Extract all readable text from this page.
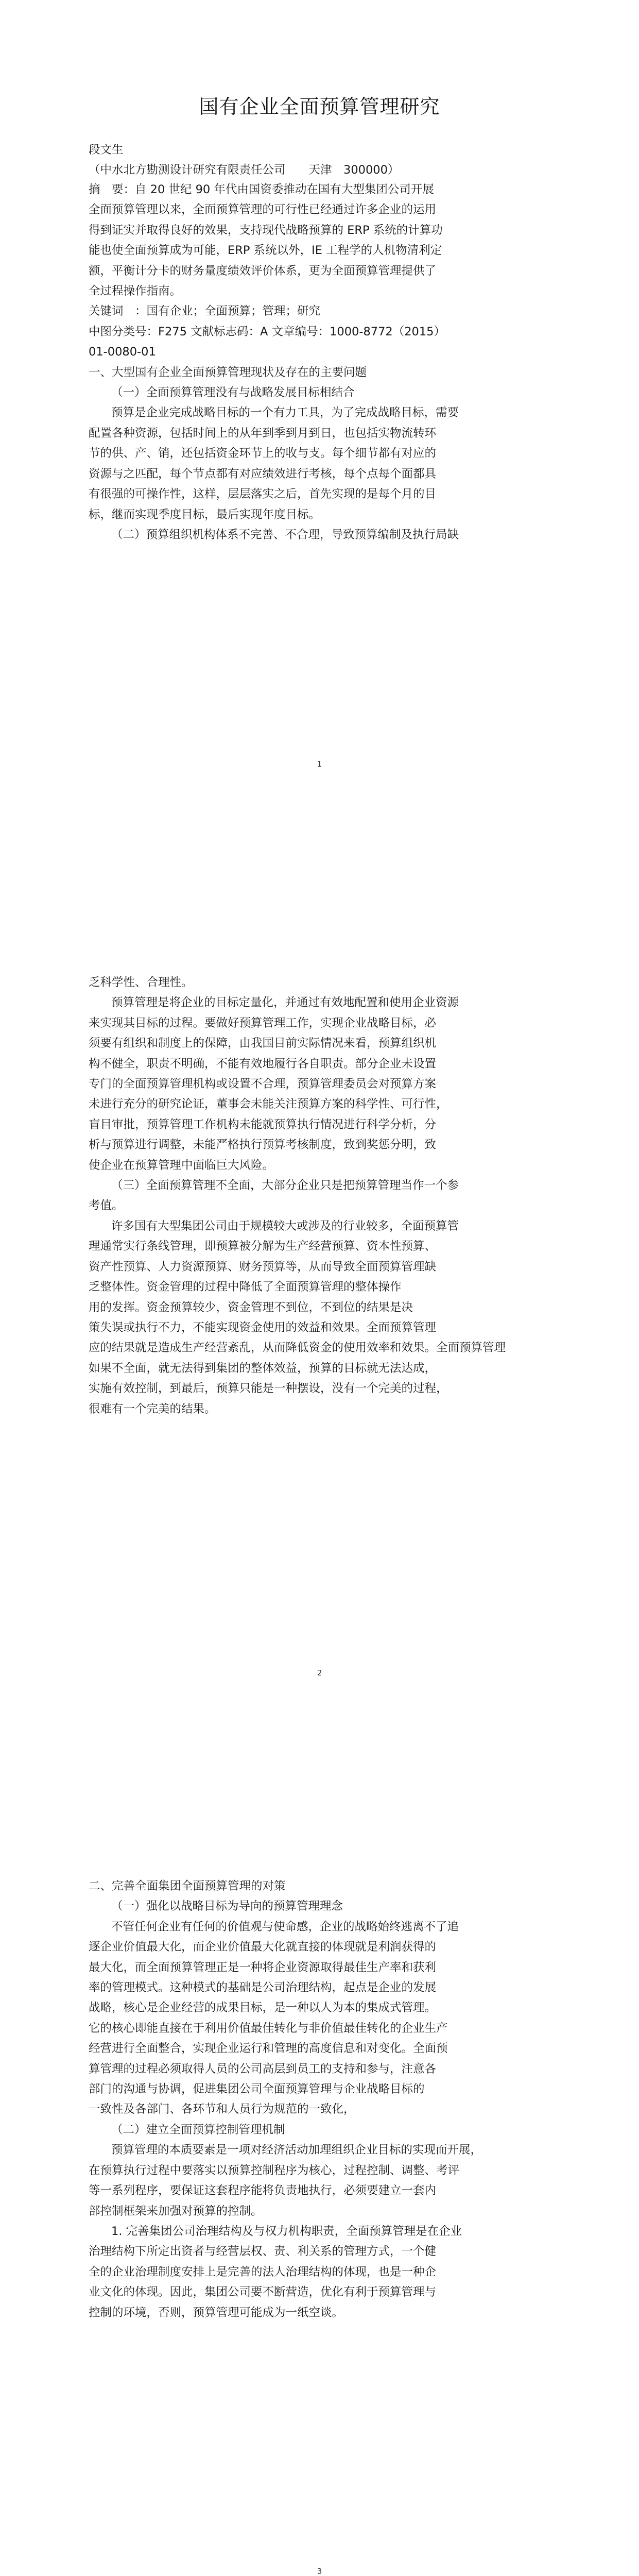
国有企业全面预算管理研究

段文生

（中水北方勘测设计研究有限责任公司　　天津　300000）

摘　要：自 20 世纪 90 年代由国资委推动在国有大型集团公司开展

全面预算管理以来，全面预算管理的可行性已经通过许多企业的运用

得到证实并取得良好的效果，支持现代战略预算的 ERP 系统的计算功

能也使全面预算成为可能，ERP 系统以外，IE 工程学的人机物清利定

额，平衡计分卡的财务量度绩效评价体系，更为全面预算管理提供了

全过程操作指南。

关键词　：国有企业；全面预算；管理；研究

中图分类号：F275 文献标志码：A 文章编号：1000-8772（2015）

01-0080-01

一、大型国有企业全面预算管理现状及存在的主要问题

（一）全面预算管理没有与战略发展目标相结合

预算是企业完成战略目标的一个有力工具，为了完成战略目标，需要

配置各种资源，包括时间上的从年到季到月到日，也包括实物流转环

节的供、产、销，还包括资金环节上的收与支。每个细节都有对应的

资源与之匹配，每个节点都有对应绩效进行考核，每个点每个面都具

有很强的可操作性，这样，层层落实之后，首先实现的是每个月的目

标，继而实现季度目标，最后实现年度目标。

（二）预算组织机构体系不完善、不合理，导致预算编制及执行局缺

1

乏科学性、合理性。

预算管理是将企业的目标定量化，并通过有效地配置和使用企业资源

来实现其目标的过程。要做好预算管理工作，实现企业战略目标，必

须要有组织和制度上的保障，由我国目前实际情况来看，预算组织机

构不健全，职责不明确，不能有效地履行各自职责。部分企业未设置

专门的全面预算管理机构或设置不合理，预算管理委员会对预算方案

未进行充分的研究论证，董事会未能关注预算方案的科学性、可行性，

盲目审批，预算管理工作机构未能就预算执行情况进行科学分析，分

析与预算进行调整，未能严格执行预算考核制度，致到奖惩分明，致

使企业在预算管理中面临巨大风险。

（三）全面预算管理不全面，大部分企业只是把预算管理当作一个参

考值。

许多国有大型集团公司由于规模较大或涉及的行业较多，全面预算管

理通常实行条线管理，即预算被分解为生产经营预算、资本性预算、

资产性预算、人力资源预算、财务预算等，从而导致全面预算管理缺

乏整体性。资金管理的过程中降低了全面预算管理的整体操作

用的发挥。资金预算较少，资金管理不到位，不到位的结果是决

策失误或执行不力，不能实现资金使用的效益和效果。全面预算管理

应的结果就是造成生产经营紊乱，从而降低资金的使用效率和效果。全面预算管理

如果不全面，就无法得到集团的整体效益，预算的目标就无法达成，

实施有效控制，到最后，预算只能是一种摆设，没有一个完美的过程，

很难有一个完美的结果。

2

二、完善全面集团全面预算管理的对策

（一）强化以战略目标为导向的预算管理理念

不管任何企业有任何的价值观与使命感，企业的战略始终逃离不了追

逐企业价值最大化，而企业价值最大化就直接的体现就是利润获得的

最大化，而全面预算管理正是一种将企业资源取得最佳生产率和获利

率的管理模式。这种模式的基础是公司治理结构，起点是企业的发展

战略，核心是企业经营的成果目标，是一种以人为本的集成式管理。

它的核心即能直接在于利用价值最佳转化与非价值最佳转化的企业生产

经营进行全面整合，实现企业运行和管理的高度信息和对变化。全面预

算管理的过程必须取得人员的公司高层到员工的支持和参与，注意各

部门的沟通与协调，促进集团公司全面预算管理与企业战略目标的

一致性及各部门、各环节和人员行为规范的一致化，

（二）建立全面预算控制管理机制

预算管理的本质要素是一项对经济活动加理组织企业目标的实现而开展，

在预算执行过程中要落实以预算控制程序为核心，过程控制、调整、考评

等一系列程序，要保证这套程序能将负责地执行，必须要建立一套内

部控制框架来加强对预算的控制。

1. 完善集团公司治理结构及与权力机构职责，全面预算管理是在企业

治理结构下所定出资者与经营层权、责、利关系的管理方式，一个健

全的企业治理制度安排上是完善的法人治理结构的体现，也是一种企

业文化的体现。因此，集团公司要不断营造，优化有利于预算管理与

控制的环境，否则，预算管理可能成为一纸空谈。

3
